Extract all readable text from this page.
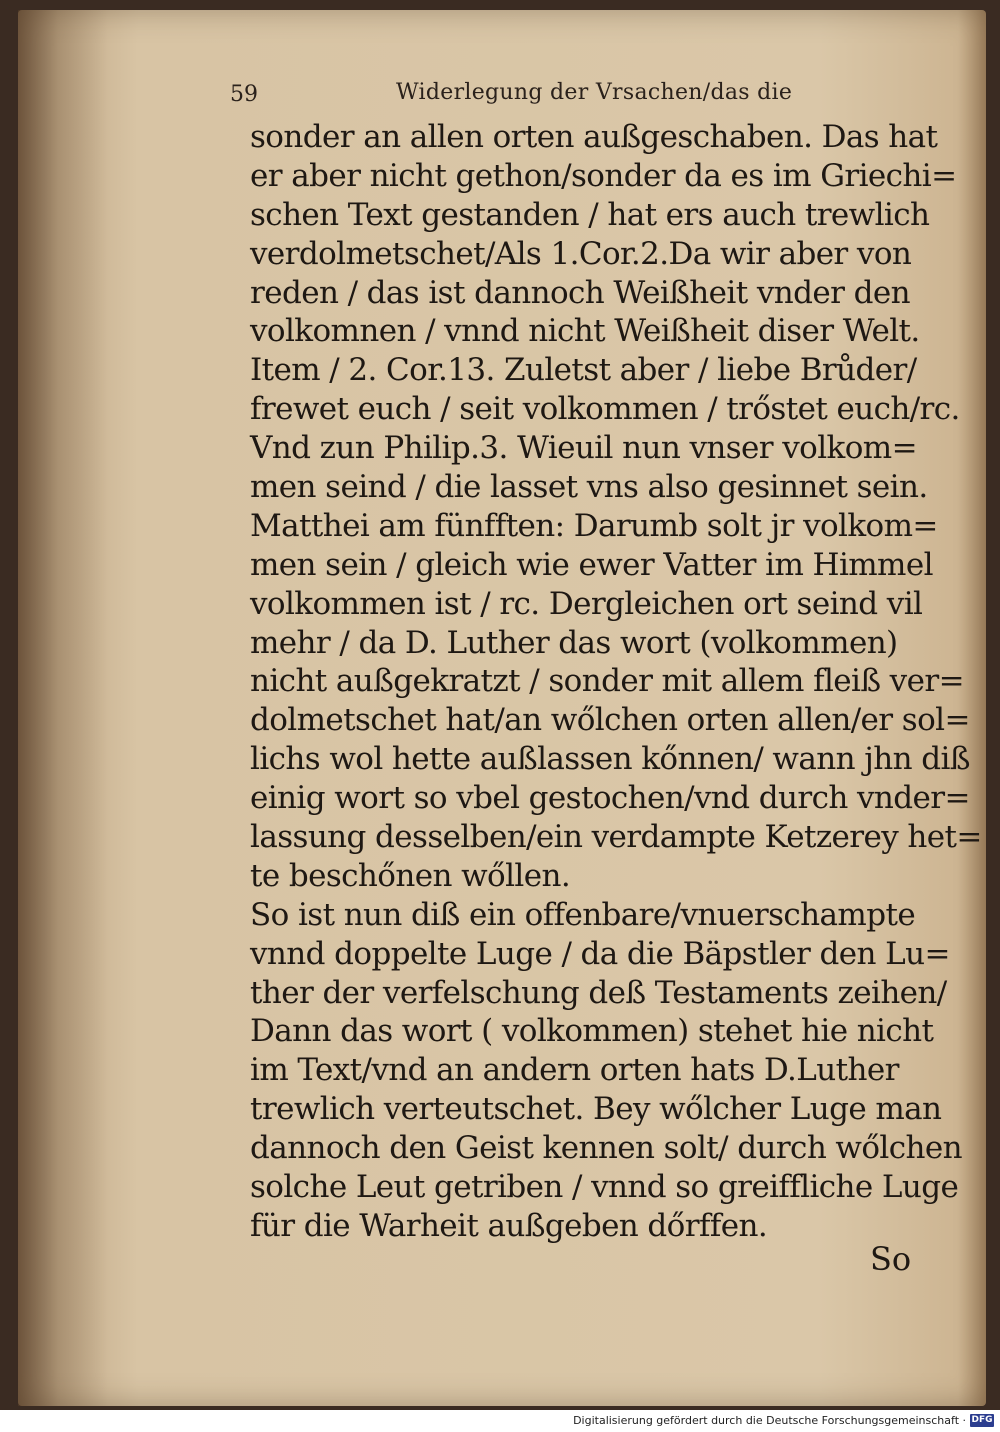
59	Widerlegung der Vrsachen/das die
sonder an allen orten außgeschaben. Das hat
er aber nicht gethon/sonder da es im Griechi=
schen Text gestanden / hat ers auch trewlich
verdolmetschet/Als 1.Cor.2.Da wir aber von
reden / das ist dannoch Weißheit vnder den
volkomnen / vnnd nicht Weißheit diser Welt.
Item / 2. Cor.13. Zuletst aber / liebe Brůder/
frewet euch / seit volkommen / trőstet euch/rc.
Vnd zun Philip.3. Wieuil nun vnser volkom=
men seind / die lasset vns also gesinnet sein.
Matthei am fünfften: Darumb solt jr volkom=
men sein / gleich wie ewer Vatter im Himmel
volkommen ist / rc. Dergleichen ort seind vil
mehr / da D. Luther das wort (volkommen)
nicht außgekratzt / sonder mit allem fleiß ver=
dolmetschet hat/an wőlchen orten allen/er sol=
lichs wol hette außlassen kőnnen/ wann jhn diß
einig wort so vbel gestochen/vnd durch vnder=
lassung desselben/ein verdampte Ketzerey het=
te beschőnen wőllen.
So ist nun diß ein offenbare/vnuerschampte
vnnd doppelte Luge / da die Bäpstler den Lu=
ther der verfelschung deß Testaments zeihen/
Dann das wort ( volkommen) stehet hie nicht
im Text/vnd an andern orten hats D.Luther
trewlich verteutschet. Bey wőlcher Luge man
dannoch den Geist kennen solt/ durch wőlchen
solche Leut getriben / vnnd so greiffliche Luge
für die Warheit außgeben dőrffen.
So
Digitalisierung gefördert durch die Deutsche Forschungsgemeinschaft · DFG
